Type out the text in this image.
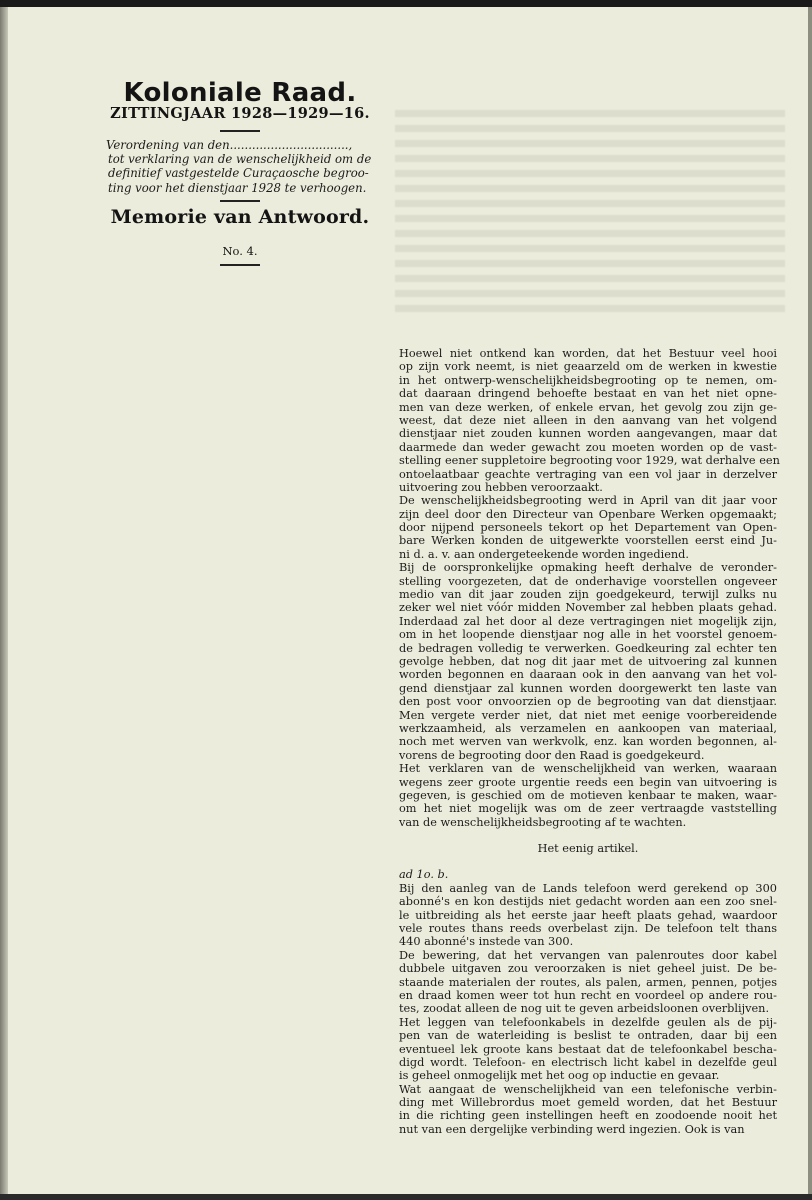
Koloniale Raad.
ZITTINGJAAR 1928—1929—16.
Verordening van den................................,
tot verklaring van de wenschelijkheid om de
definitief vastgestelde Curaçaosche begroo-
ting voor het dienstjaar 1928 te verhoogen.
Memorie van Antwoord.
No. 4.
Hoewel niet ontkend kan worden, dat het Bestuur veel hooi
op zijn vork neemt, is niet geaarzeld om de werken in kwestie
in het ontwerp-wenschelijkheidsbegrooting op te nemen, om-
dat daaraan dringend behoefte bestaat en van het niet opne-
men van deze werken, of enkele ervan, het gevolg zou zijn ge-
weest, dat deze niet alleen in den aanvang van het volgend
dienstjaar niet zouden kunnen worden aangevangen, maar dat
daarmede dan weder gewacht zou moeten worden op de vast-
stelling eener suppletoire begrooting voor 1929, wat derhalve een
ontoelaatbaar geachte vertraging van een vol jaar in derzelver
uitvoering zou hebben veroorzaakt.
De wenschelijkheidsbegrooting werd in April van dit jaar voor
zijn deel door den Directeur van Openbare Werken opgemaakt;
door nijpend personeels tekort op het Departement van Open-
bare Werken konden de uitgewerkte voorstellen eerst eind Ju-
ni d. a. v. aan ondergeteekende worden ingediend.
Bij de oorspronkelijke opmaking heeft derhalve de veronder-
stelling voorgezeten, dat de onderhavige voorstellen ongeveer
medio van dit jaar zouden zijn goedgekeurd, terwijl zulks nu
zeker wel niet vóór midden November zal hebben plaats gehad.
Inderdaad zal het door al deze vertragingen niet mogelijk zijn,
om in het loopende dienstjaar nog alle in het voorstel genoem-
de bedragen volledig te verwerken. Goedkeuring zal echter ten
gevolge hebben, dat nog dit jaar met de uitvoering zal kunnen
worden begonnen en daaraan ook in den aanvang van het vol-
gend dienstjaar zal kunnen worden doorgewerkt ten laste van
den post voor onvoorzien op de begrooting van dat dienstjaar.
Men vergete verder niet, dat niet met eenige voorbereidende
werkzaamheid, als verzamelen en aankoopen van materiaal,
noch met werven van werkvolk, enz. kan worden begonnen, al-
vorens de begrooting door den Raad is goedgekeurd.
Het verklaren van de wenschelijkheid van werken, waaraan
wegens zeer groote urgentie reeds een begin van uitvoering is
gegeven, is geschied om de motieven kenbaar te maken, waar-
om het niet mogelijk was om de zeer vertraagde vaststelling
van de wenschelijkheidsbegrooting af te wachten.
Het eenig artikel.
ad 1o. b.
Bij den aanleg van de Lands telefoon werd gerekend op 300
abonné's en kon destijds niet gedacht worden aan een zoo snel-
le uitbreiding als het eerste jaar heeft plaats gehad, waardoor
vele routes thans reeds overbelast zijn. De telefoon telt thans
440 abonné's instede van 300.
De bewering, dat het vervangen van palenroutes door kabel
dubbele uitgaven zou veroorzaken is niet geheel juist. De be-
staande materialen der routes, als palen, armen, pennen, potjes
en draad komen weer tot hun recht en voordeel op andere rou-
tes, zoodat alleen de nog uit te geven arbeidsloonen overblijven.
Het leggen van telefoonkabels in dezelfde geulen als de pij-
pen van de waterleiding is beslist te ontraden, daar bij een
eventueel lek groote kans bestaat dat de telefoonkabel bescha-
digd wordt. Telefoon- en electrisch licht kabel in dezelfde geul
is geheel onmogelijk met het oog op inductie en gevaar.
Wat aangaat de wenschelijkheid van een telefonische verbin-
ding met Willebrordus moet gemeld worden, dat het Bestuur
in die richting geen instellingen heeft en zoodoende nooit het
nut van een dergelijke verbinding werd ingezien. Ook is van
